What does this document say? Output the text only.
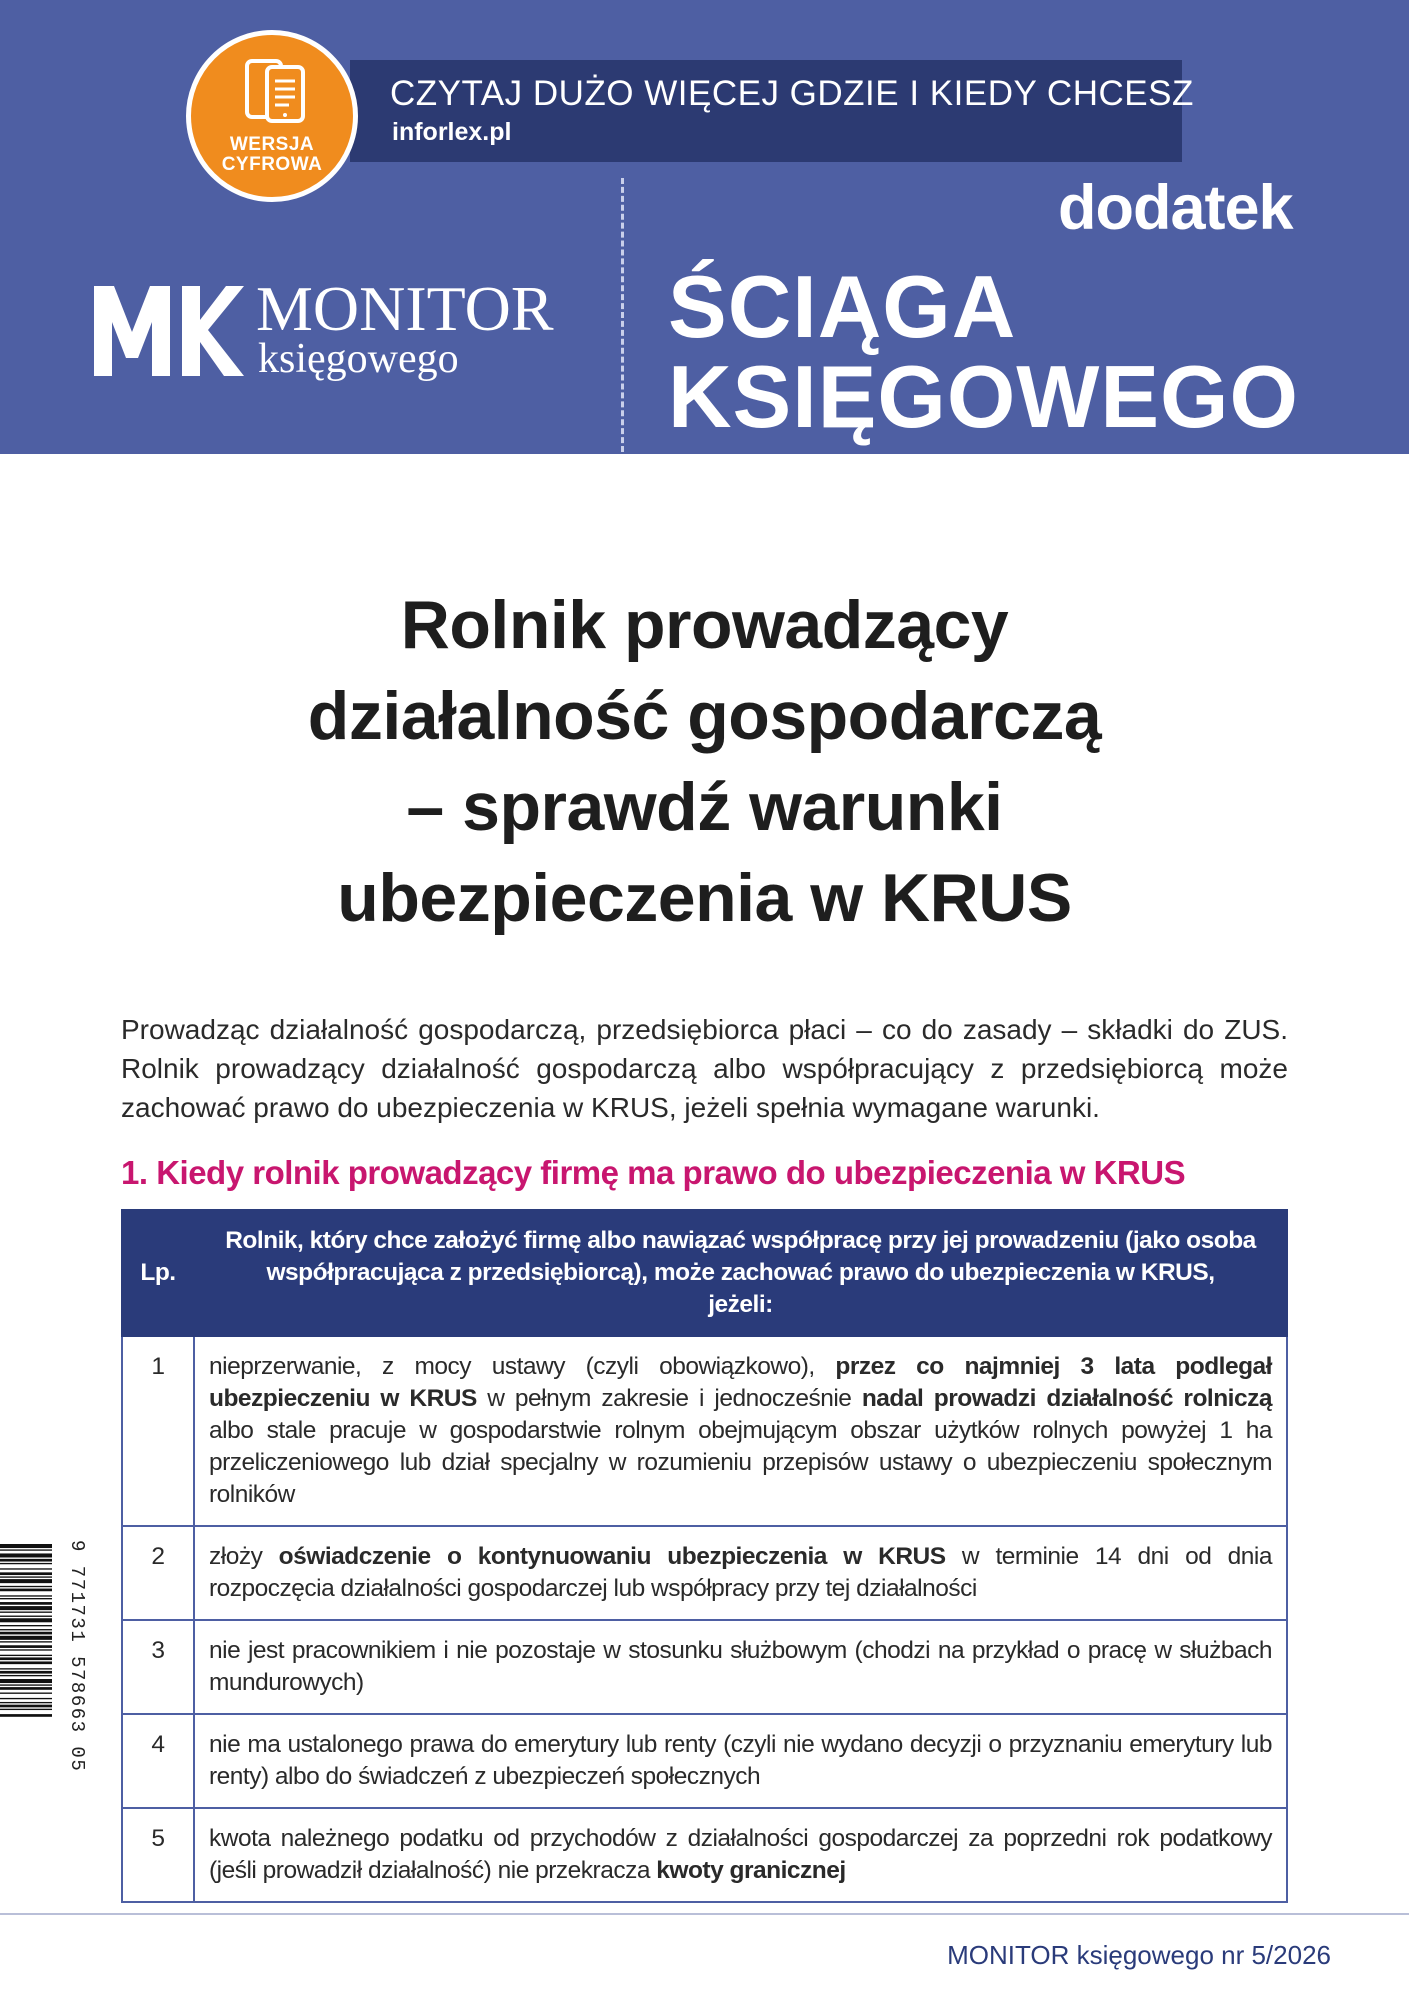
CZYTAJ DUŻO WIĘCEJ GDZIE I KIEDY CHCESZ
inforlex.pl
WERSJA
CYFROWA
MONITOR
księgowego
dodatek
ŚCIĄGA
KSIĘGOWEGO
Rolnik prowadzący
działalność gospodarczą
– sprawdź warunki
ubezpieczenia w KRUS
Prowadząc działalność gospodarczą, przedsiębiorca płaci – co do zasady – składki do ZUS. Rolnik prowadzący działalność gospodarczą albo współpracujący z przedsiębiorcą może zachować prawo do ubezpieczenia w KRUS, jeżeli spełnia wymagane warunki.
1. Kiedy rolnik prowadzący firmę ma prawo do ubezpieczenia w KRUS
Lp.	Rolnik, który chce założyć firmę albo nawiązać współpracę przy jej prowadzeniu (jako osoba współpracująca z przedsiębiorcą), może zachować prawo do ubezpieczenia w KRUS,
jeżeli:
1	nieprzerwanie, z mocy ustawy (czyli obowiązkowo), przez co najmniej 3 lata podlegał ubezpieczeniu w KRUS w pełnym zakresie i jednocześnie nadal prowadzi działalność rolniczą albo stale pracuje w gospodarstwie rolnym obejmującym obszar użytków rolnych powyżej 1 ha przeliczeniowego lub dział specjalny w rozumieniu przepisów ustawy o ubezpieczeniu społecznym rolników
2	złoży oświadczenie o kontynuowaniu ubezpieczenia w KRUS w terminie 14 dni od dnia rozpoczęcia działalności gospodarczej lub współpracy przy tej działalności
3	nie jest pracownikiem i nie pozostaje w stosunku służbowym (chodzi na przykład o pracę w służbach mundurowych)
4	nie ma ustalonego prawa do emerytury lub renty (czyli nie wydano decyzji o przyznaniu emerytury lub renty) albo do świadczeń z ubezpieczeń społecznych
5	kwota należnego podatku od przychodów z działalności gospodarczej za poprzedni rok podatkowy (jeśli prowadził działalność) nie przekracza kwoty granicznej
9 771731 578663 05
MONITOR księgowego nr 5/2026
